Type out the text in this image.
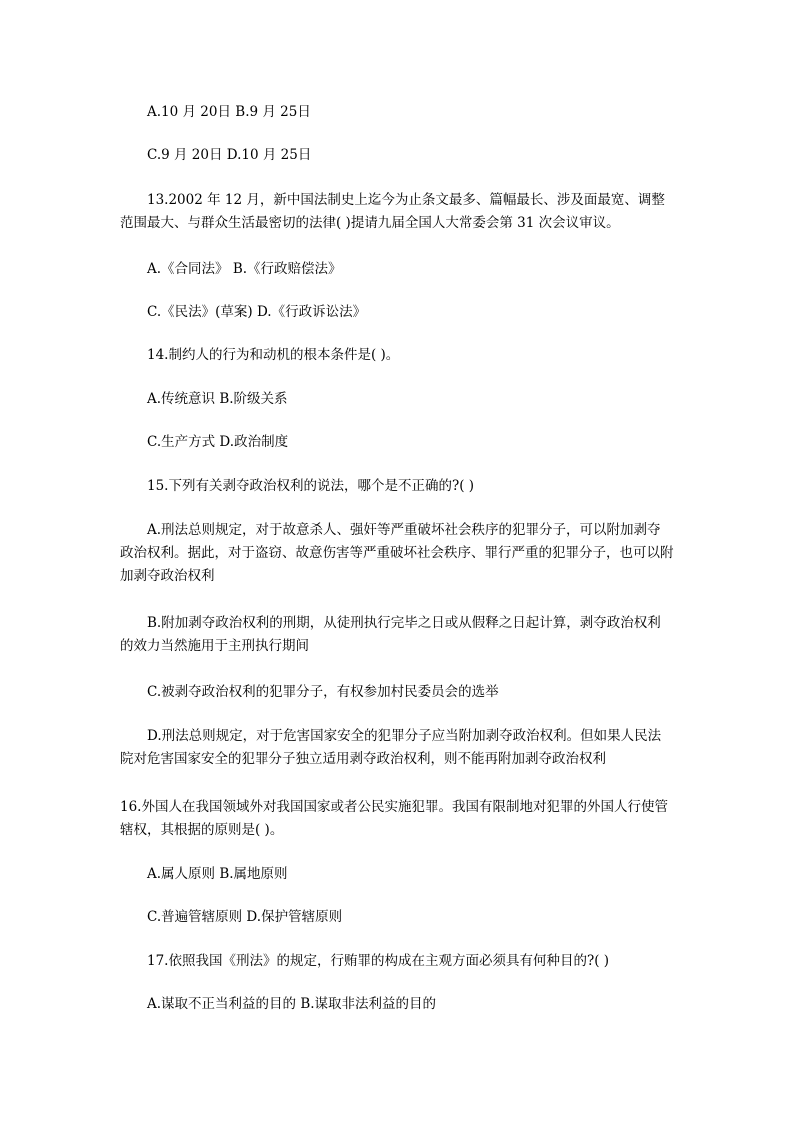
A.10 月 20日 B.9 月 25日
C.9 月 20日 D.10 月 25日
13.2002 年 12 月，新中国法制史上迄今为止条文最多、篇幅最长、涉及面最宽、调整范围最大、与群众生活最密切的法律( )提请九届全国人大常委会第 31 次会议审议。
A.《合同法》 B.《行政赔偿法》
C.《民法》(草案) D.《行政诉讼法》
14.制约人的行为和动机的根本条件是( )。
A.传统意识 B.阶级关系
C.生产方式 D.政治制度
15.下列有关剥夺政治权利的说法，哪个是不正确的?( )
A.刑法总则规定，对于故意杀人、强奸等严重破坏社会秩序的犯罪分子，可以附加剥夺政治权利。据此，对于盗窃、故意伤害等严重破坏社会秩序、罪行严重的犯罪分子，也可以附加剥夺政治权利
B.附加剥夺政治权利的刑期，从徒刑执行完毕之日或从假释之日起计算，剥夺政治权利的效力当然施用于主刑执行期间
C.被剥夺政治权利的犯罪分子，有权参加村民委员会的选举
D.刑法总则规定，对于危害国家安全的犯罪分子应当附加剥夺政治权利。但如果人民法院对危害国家安全的犯罪分子独立适用剥夺政治权利，则不能再附加剥夺政治权利
16.外国人在我国领域外对我国国家或者公民实施犯罪。我国有限制地对犯罪的外国人行使管辖权，其根据的原则是( )。
A.属人原则 B.属地原则
C.普遍管辖原则 D.保护管辖原则
17.依照我国《刑法》的规定，行贿罪的构成在主观方面必须具有何种目的?( )
A.谋取不正当利益的目的 B.谋取非法利益的目的
